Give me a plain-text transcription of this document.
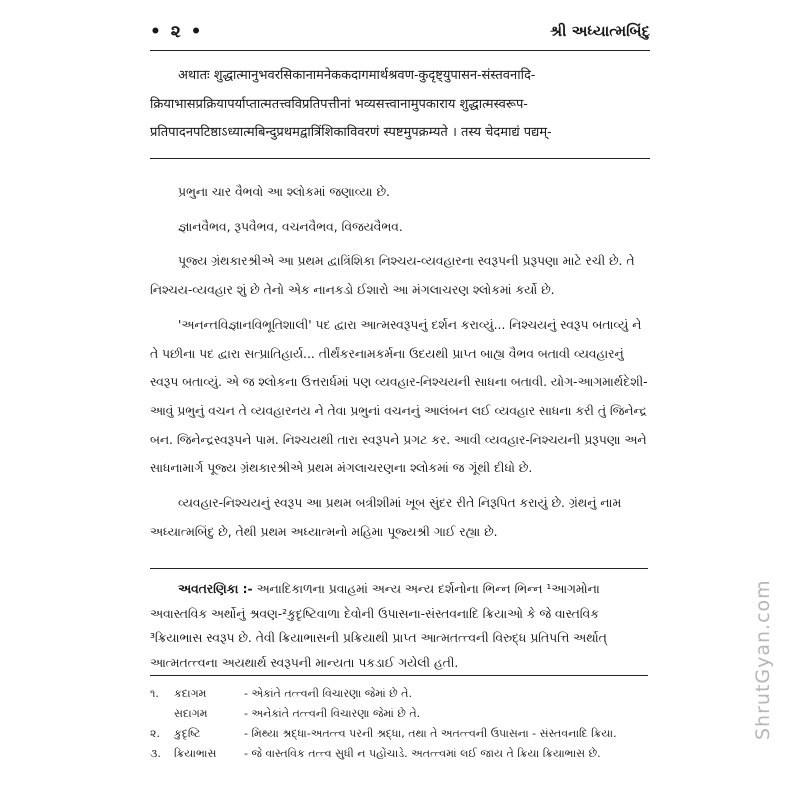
• ૨ •	શ્રી અધ્યાત્મબિંદુ
अथातः शुद्धात्मानुभवरसिकानामनेककदागमार्थश्रवण-कुदृष्ट्युपासन-संस्तवनादि-
क्रियाभासप्रक्रियापर्याप्तात्मतत्त्वविप्रतिपत्तीनां भव्यसत्त्वानामुपकाराय शुद्धात्मस्वरूप-
प्रतिपादनपटिष्ठाऽध्यात्मबिन्दुप्रथमद्वात्रिंशिकाविवरणं स्पष्टमुपक्रम्यते । तस्य चेदमाद्यं पद्यम्-

પ્રભુના ચાર વૈભવો આ શ્લોકમાં જણાવ્યા છે.

જ્ઞાનવૈભવ, રૂપવૈભવ, વચનવૈભવ, વિજયવૈભવ.

પૂજ્ય ગ્રંથકારશ્રીએ આ પ્રથમ દ્વાત્રિંશિકા નિશ્ચય-વ્યવહારના સ્વરૂપની પ્રરૂપણા માટે રચી છે. તે નિશ્ચય-વ્યવહાર શું છે તેનો એક નાનકડો ઈશારો આ મંગલાચરણ શ્લોકમાં કર્યો છે.

'અનન્તવિજ્ઞાનવિભૂતિશાલી' પદ દ્વારા આત્મસ્વરૂપનું દર્શન કરાવ્યું... નિશ્ચયનું સ્વરૂપ બતાવ્યું ને તે પછીના પદ દ્વારા સત્પ્રાતિહાર્ય... તીર્થંકરનામકર્મના ઉદયથી પ્રાપ્ત બાહ્ય વૈભવ બતાવી વ્યવહારનું સ્વરૂપ બતાવ્યું. એ જ શ્લોકના ઉત્તરાર્ધમાં પણ વ્યવહાર-નિશ્ચયની સાધના બતાવી. યોગ-આગમાર્થદેશી-આવું પ્રભુનું વચન તે વ્યવહારનય ને તેવા પ્રભુનાં વચનનું આલંબન લઈ વ્યવહાર સાધના કરી તું જિનેન્દ્ર બન. જિનેન્દ્રસ્વરૂપને પામ. નિશ્ચયથી તારા સ્વરૂપને પ્રગટ કર. આવી વ્યવહાર-નિશ્ચયની પ્રરૂપણા અને સાધનામાર્ગ પૂજ્ય ગ્રંથકારશ્રીએ પ્રથમ મંગલાચરણના શ્લોકમાં જ ગૂંથી દીધો છે.

વ્યવહાર-નિશ્ચયનું સ્વરૂપ આ પ્રથમ બત્રીશીમાં ખૂબ સુંદર રીતે નિરૂપિત કરાયું છે. ગ્રંથનું નામ અધ્યાત્મબિંદુ છે, તેથી પ્રથમ અધ્યાત્મનો મહિમા પૂજ્યશ્રી ગાઈ રહ્યા છે.

અવતરણિકા :- અનાદિકાળના પ્રવાહમાં અન્ય અન્ય દર્શનોના ભિન્ન ભિન્ન ¹આગમોના અવાસ્તવિક અર્થોનું શ્રવણ-²કુદૃષ્ટિવાળા દેવોની ઉપાસના-સંસ્તવનાદિ ક્રિયાઓ કે જે વાસ્તવિક ³ક્રિયાભાસ સ્વરૂપ છે. તેવી ક્રિયાભાસની પ્રક્રિયાથી પ્રાપ્ત આત્મતત્ત્વની વિરુદ્ધ પ્રતિપત્તિ અર્થાત્ આત્મતત્ત્વના અયથાર્થ સ્વરૂપની માન્યતા પકડાઈ ગયેલી હતી.

૧.	કદાગમ	- એકાંતે તત્ત્વની વિચારણા જેમાં છે તે.
સદાગમ	- અનેકાંતે તત્ત્વની વિચારણા જેમાં છે તે.
૨.	કુદૃષ્ટિ	- મિથ્યા શ્રદ્ધા-અતત્ત્વ પરની શ્રદ્ધા, તથા તે અતત્ત્વની ઉપાસના - સંસ્તવનાદિ ક્રિયા.
૩.	ક્રિયાભાસ	- જે વાસ્તવિક તત્ત્વ સુધી ન પહોંચાડે. અતત્ત્વમાં લઈ જાય તે ક્રિયા ક્રિયાભાસ છે.
ShrutGyan.com
